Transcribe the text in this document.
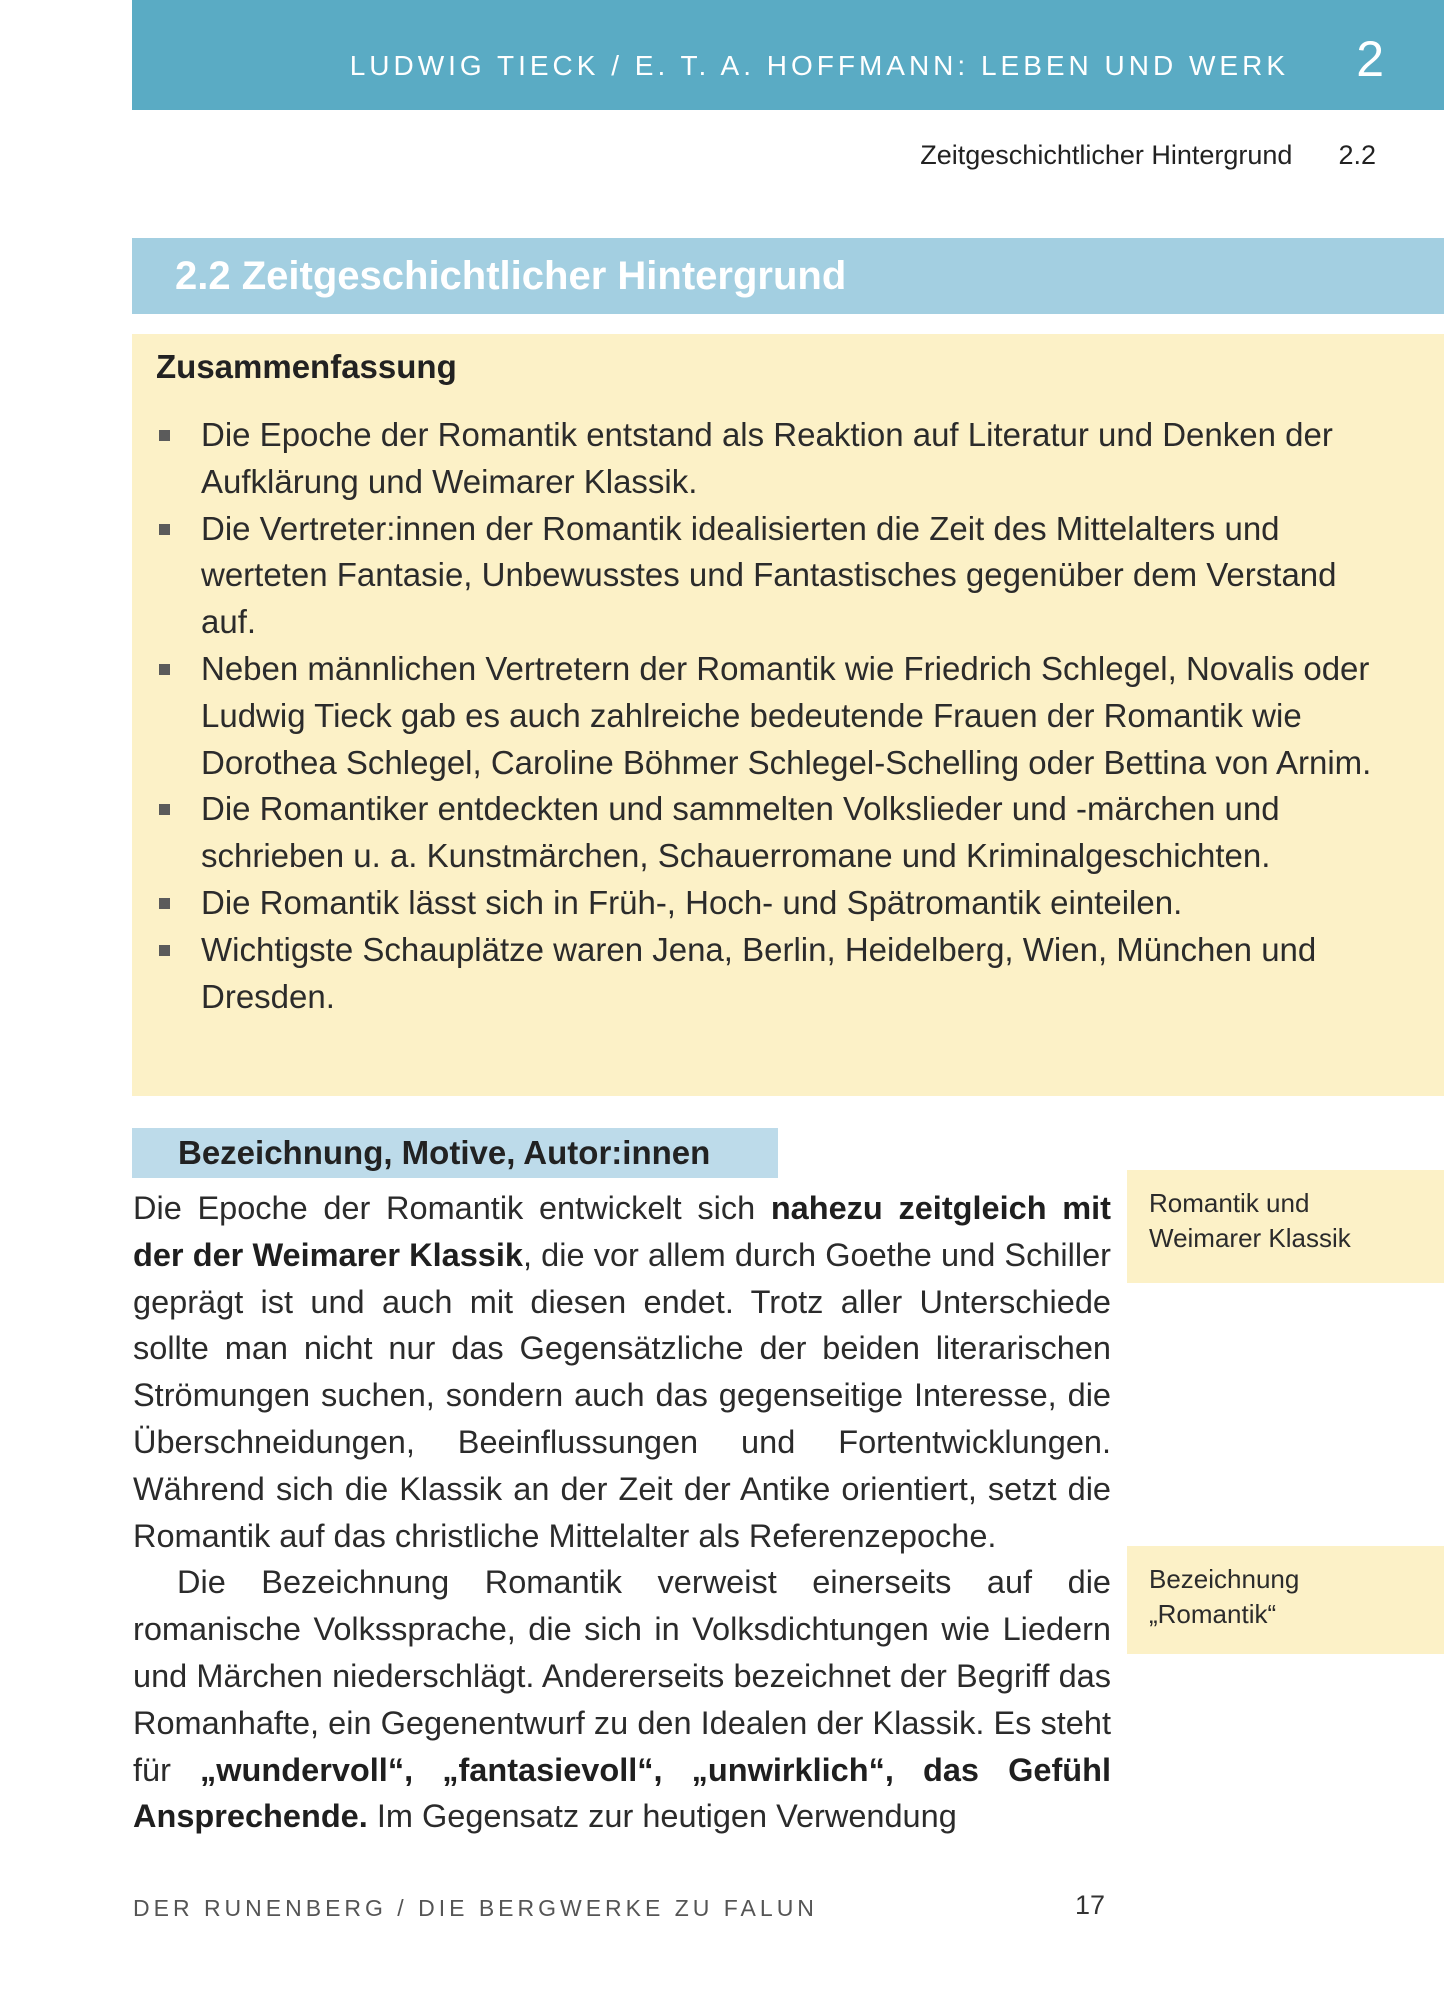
LUDWIG TIECK / E. T. A. HOFFMANN: LEBEN UND WERK 2
Zeitgeschichtlicher Hintergrund 2.2
2.2 Zeitgeschichtlicher Hintergrund
Zusammenfassung
Die Epoche der Romantik entstand als Reaktion auf Literatur und Denken der Aufklärung und Weimarer Klassik.
Die Vertreter:innen der Romantik idealisierten die Zeit des Mittelalters und werteten Fantasie, Unbewusstes und Fantastisches gegenüber dem Verstand auf.
Neben männlichen Vertretern der Romantik wie Friedrich Schlegel, Novalis oder Ludwig Tieck gab es auch zahlreiche bedeutende Frauen der Romantik wie Dorothea Schlegel, Caroline Böhmer Schlegel-Schelling oder Bettina von Arnim.
Die Romantiker entdeckten und sammelten Volkslieder und -märchen und schrieben u. a. Kunstmärchen, Schauerromane und Kriminalgeschichten.
Die Romantik lässt sich in Früh-, Hoch- und Spätromantik einteilen.
Wichtigste Schauplätze waren Jena, Berlin, Heidelberg, Wien, München und Dresden.
Bezeichnung, Motive, Autor:innen

Die Epoche der Romantik entwickelt sich nahezu zeitgleich mit der der Weimarer Klassik, die vor allem durch Goethe und Schiller geprägt ist und auch mit diesen endet. Trotz aller Unterschiede sollte man nicht nur das Gegensätzliche der beiden literarischen Strömungen suchen, sondern auch das gegenseitige Interesse, die Überschneidungen, Beeinflussungen und Fortentwicklungen. Während sich die Klassik an der Zeit der Antike orientiert, setzt die Romantik auf das christliche Mittelalter als Referenzepoche.

Die Bezeichnung Romantik verweist einerseits auf die romanische Volkssprache, die sich in Volksdichtungen wie Liedern und Märchen niederschlägt. Andererseits bezeichnet der Begriff das Romanhafte, ein Gegenentwurf zu den Idealen der Klassik. Es steht für „wundervoll“, „fantasievoll“, „unwirklich“, das Gefühl Ansprechende. Im Gegensatz zur heutigen Verwendung

Romantik und Weimarer Klassik
Bezeichnung „Romantik“
DER RUNENBERG / DIE BERGWERKE ZU FALUN	17
